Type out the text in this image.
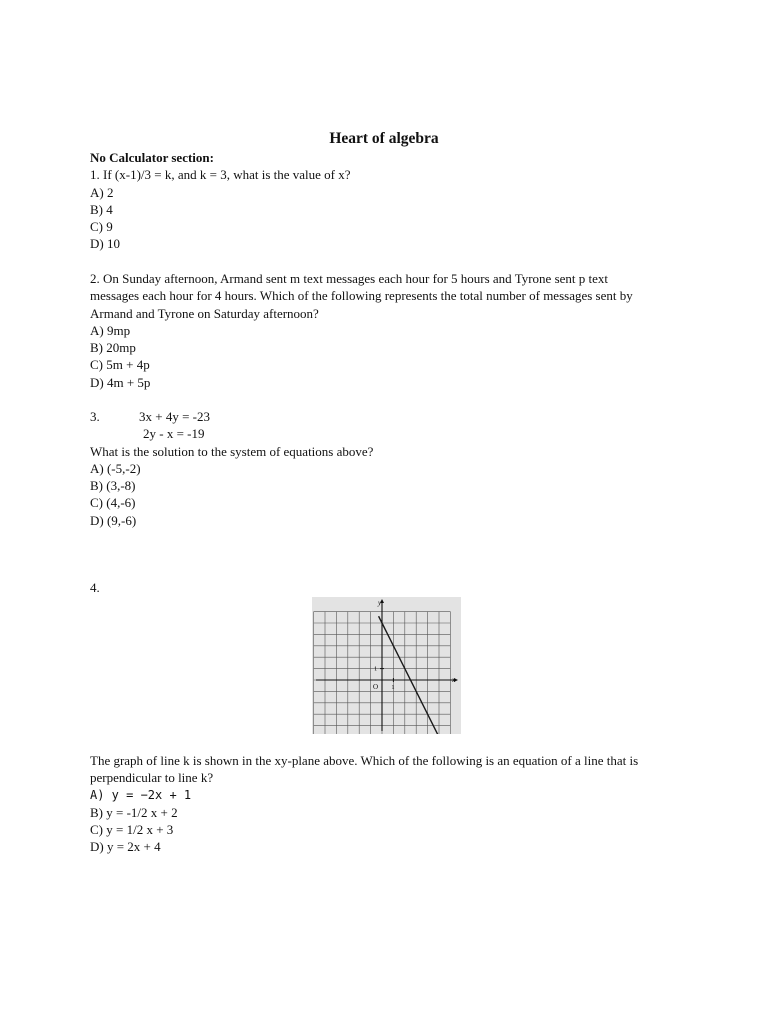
Heart of algebra
No Calculator section:
1. If (x-1)/3 = k, and k = 3, what is the value of x?
A) 2
B) 4
C) 9
D) 10
2. On Sunday afternoon, Armand sent m text messages each hour for 5 hours and Tyrone sent p text
messages each hour for 4 hours. Which of the following represents the total number of messages sent by
Armand and Tyrone on Saturday afternoon?
A) 9mp
B) 20mp
C) 5m + 4p
D) 4m + 5p
3.	3x + 4y = -23
2y - x = -19
What is the solution to the system of equations above?
A) (-5,-2)
B) (3,-8)
C) (4,-6)
D) (9,-6)
4.
y
x
O 1
1
The graph of line k is shown in the xy-plane above. Which of the following is an equation of a line that is
perpendicular to line k?
A) y = −2x + 1
B) y = -1/2 x + 2
C) y = 1/2 x + 3
D) y = 2x + 4
